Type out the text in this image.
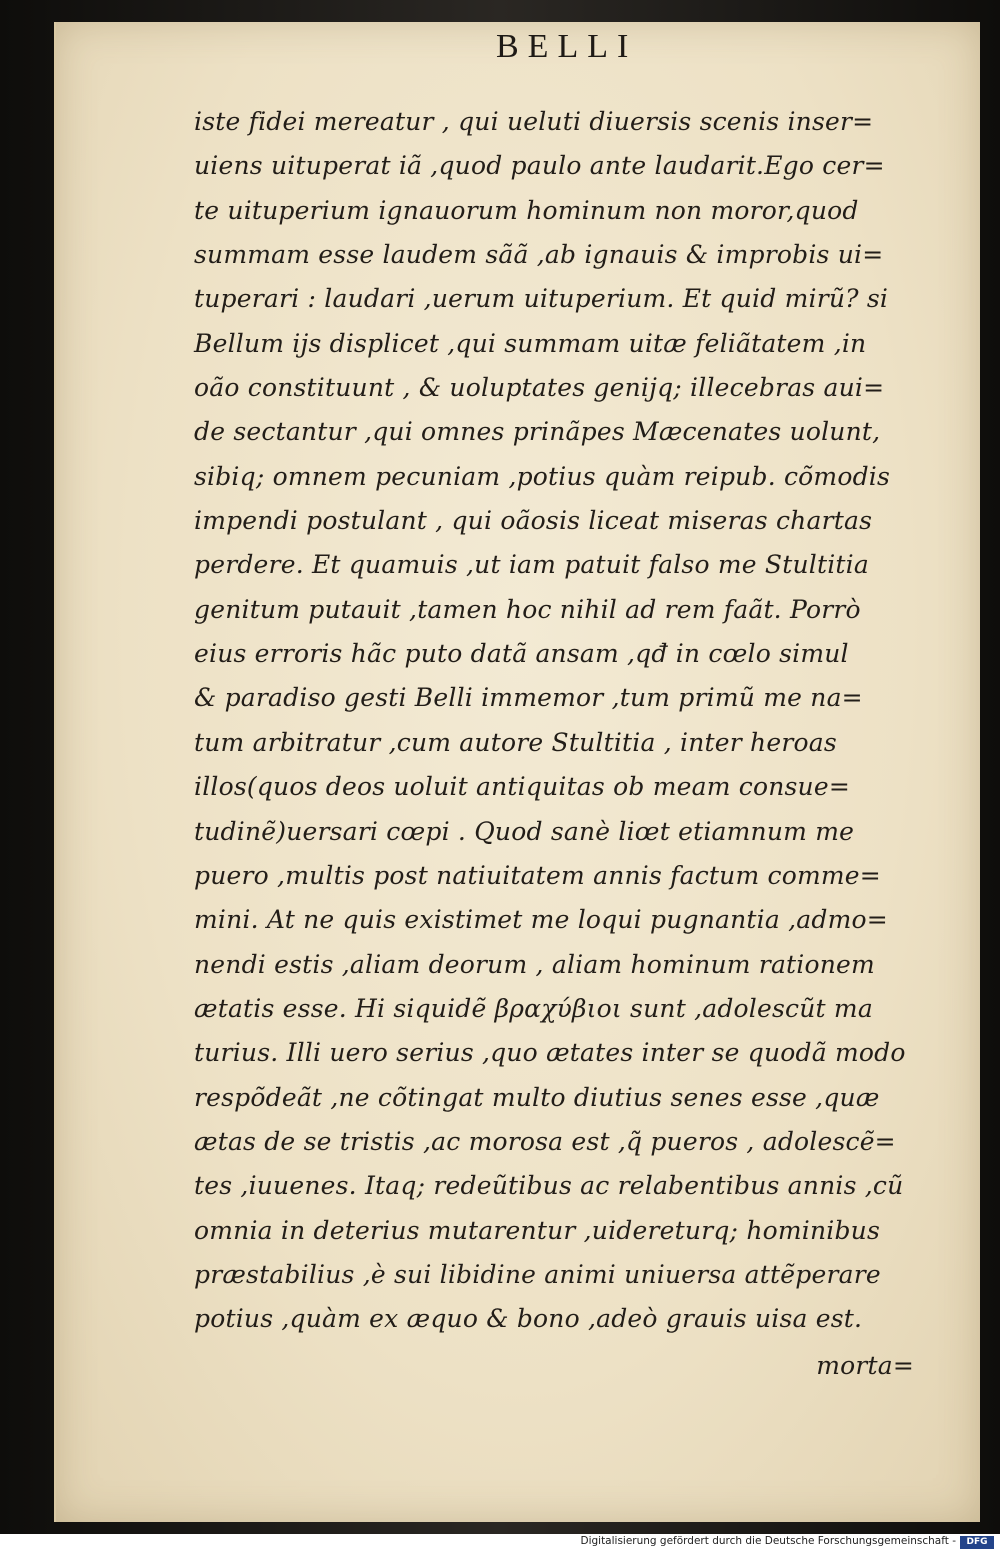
BELLI
iste fidei mereatur , qui ueluti diuersis scenis inser=
uiens uituperat iã ,quod paulo ante laudarit.Ego cer=
te uituperium ignauorum hominum non moror,quod
summam esse laudem sãã ,ab ignauis & improbis ui=
tuperari : laudari ,uerum uituperium. Et quid mirũ? si
Bellum ijs displicet ,qui summam uitæ feliãtatem ,in
oão constituunt , & uoluptates genijq; illecebras aui=
de sectantur ,qui omnes prinãpes Mæcenates uolunt,
sibiq; omnem pecuniam ,potius quàm reipub. cõmodis
impendi postulant , qui oãosis liceat miseras chartas
perdere. Et quamuis ,ut iam patuit falso me Stultitia
genitum putauit ,tamen hoc nihil ad rem faãt. Porrò
eius erroris hãc puto datã ansam ,qđ in cœlo simul
& paradiso gesti Belli immemor ,tum primũ me na=
tum arbitratur ,cum autore Stultitia , inter heroas
illos(quos deos uoluit antiquitas ob meam consue=
tudinẽ)uersari cœpi . Quod sanè liœt etiamnum me
puero ,multis post natiuitatem annis factum comme=
mini. At ne quis existimet me loqui pugnantia ,admo=
nendi estis ,aliam deorum , aliam hominum rationem
ætatis esse. Hi siquidẽ βραχύβιοι sunt ,adolescũt ma
turius. Illi uero serius ,quo ætates inter se quodã modo
respõdeãt ,ne cõtingat multo diutius senes esse ,quæ
ætas de se tristis ,ac morosa est ,q̃ pueros , adolescẽ=
tes ,iuuenes. Itaq; redeũtibus ac relabentibus annis ,cũ
omnia in deterius mutarentur ,uidereturq; hominibus
præstabilius ,è sui libidine animi uniuersa attẽperare
potius ,quàm ex æquo & bono ,adeò grauis uisa est.
morta=
Digitalisierung gefördert durch die Deutsche Forschungsgemeinschaft -	DFG
